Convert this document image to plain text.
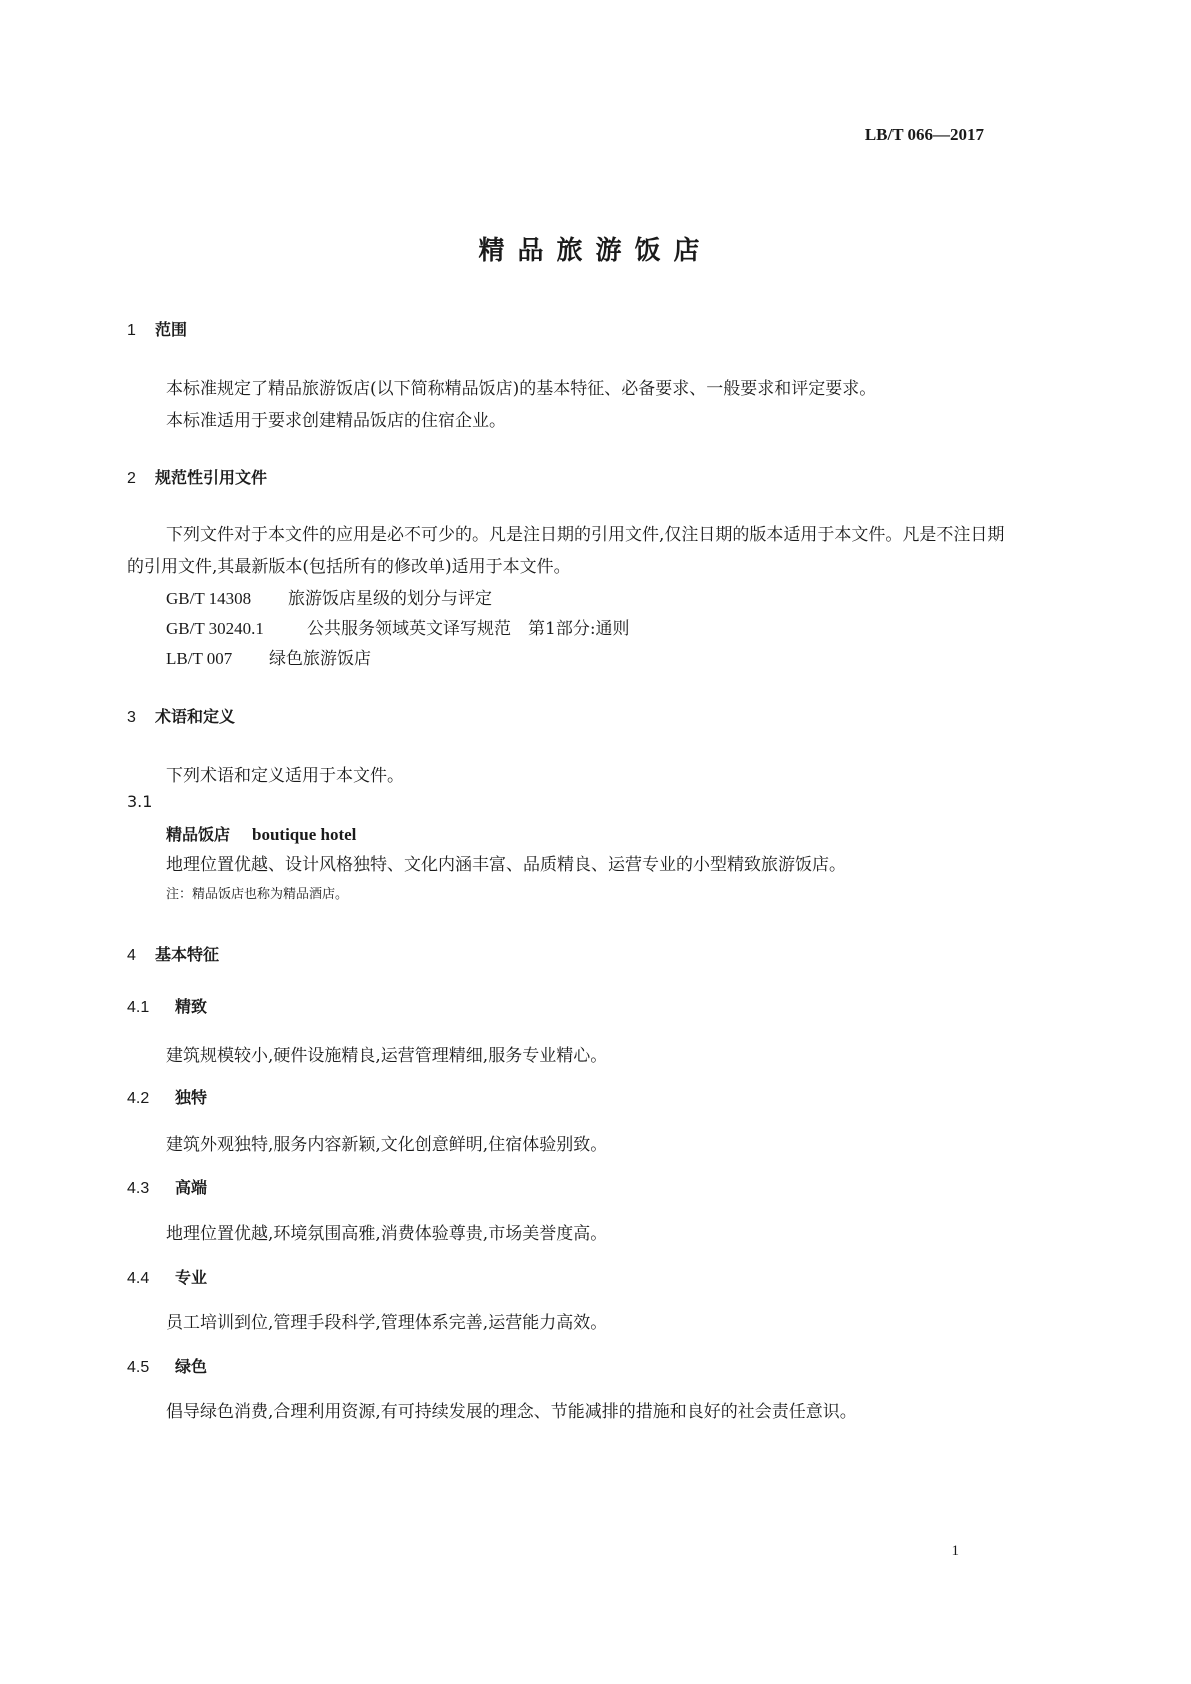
LB/T 066—2017
精品旅游饭店
1 范围
本标准规定了精品旅游饭店(以下简称精品饭店)的基本特征、必备要求、一般要求和评定要求。
本标准适用于要求创建精品饭店的住宿企业。
2 规范性引用文件
下列文件对于本文件的应用是必不可少的。凡是注日期的引用文件,仅注日期的版本适用于本文件。凡是不注日期的引用文件,其最新版本(包括所有的修改单)适用于本文件。
GB/T 14308 旅游饭店星级的划分与评定
GB/T 30240.1	公共服务领域英文译写规范　第1部分:通则
LB/T 007 绿色旅游饭店
3 术语和定义
下列术语和定义适用于本文件。
3.1
精品饭店 boutique hotel
地理位置优越、设计风格独特、文化内涵丰富、品质精良、运营专业的小型精致旅游饭店。
注：精品饭店也称为精品酒店。
4 基本特征
4.1 精致
建筑规模较小,硬件设施精良,运营管理精细,服务专业精心。
4.2 独特
建筑外观独特,服务内容新颖,文化创意鲜明,住宿体验别致。
4.3 高端
地理位置优越,环境氛围高雅,消费体验尊贵,市场美誉度高。
4.4 专业
员工培训到位,管理手段科学,管理体系完善,运营能力高效。
4.5 绿色
倡导绿色消费,合理利用资源,有可持续发展的理念、节能减排的措施和良好的社会责任意识。
1
